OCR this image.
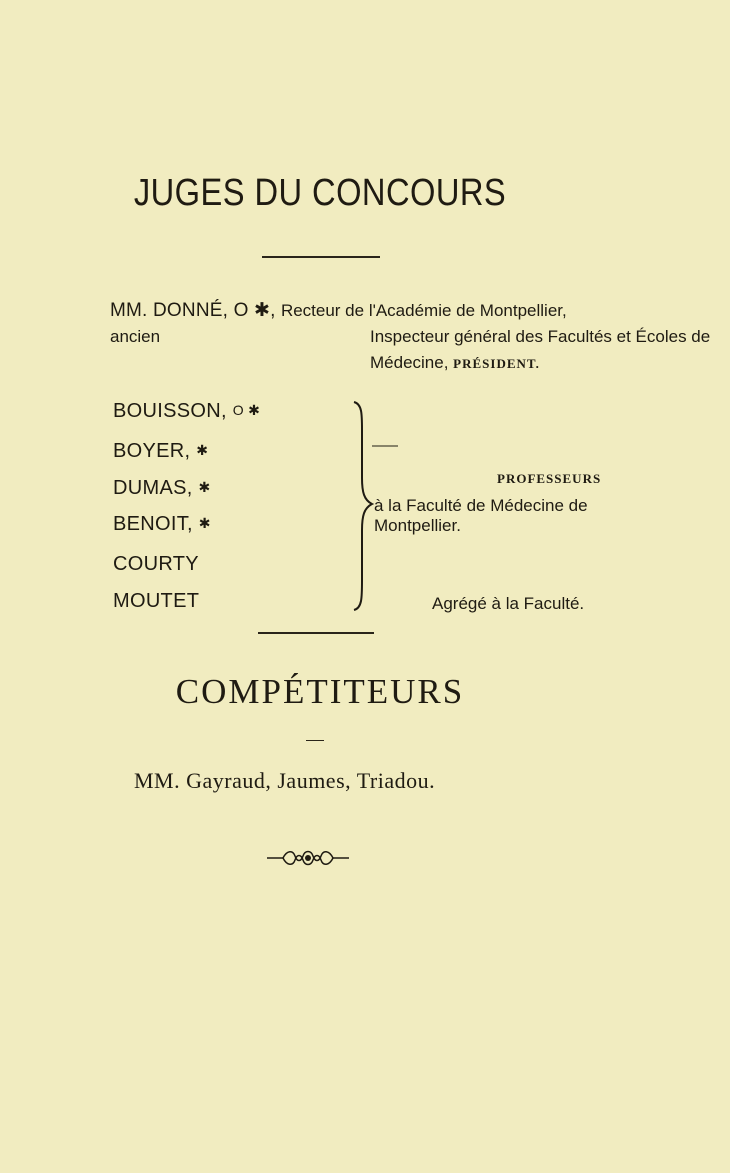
JUGES DU CONCOURS
MM. DONNÉ, O ✱, Recteur de l'Académie de Montpellier, ancien	Inspecteur général des Facultés et Écoles de
Médecine, PRÉSIDENT.
BOUISSON, O ✱
BOYER, ✱
DUMAS, ✱
BENOIT, ✱
COURTY
MOUTET
PROFESSEURS
à la Faculté de Médecine de Montpellier.
Agrégé à la Faculté.
COMPÉTITEURS
MM. Gayraud, Jaumes, Triadou.
